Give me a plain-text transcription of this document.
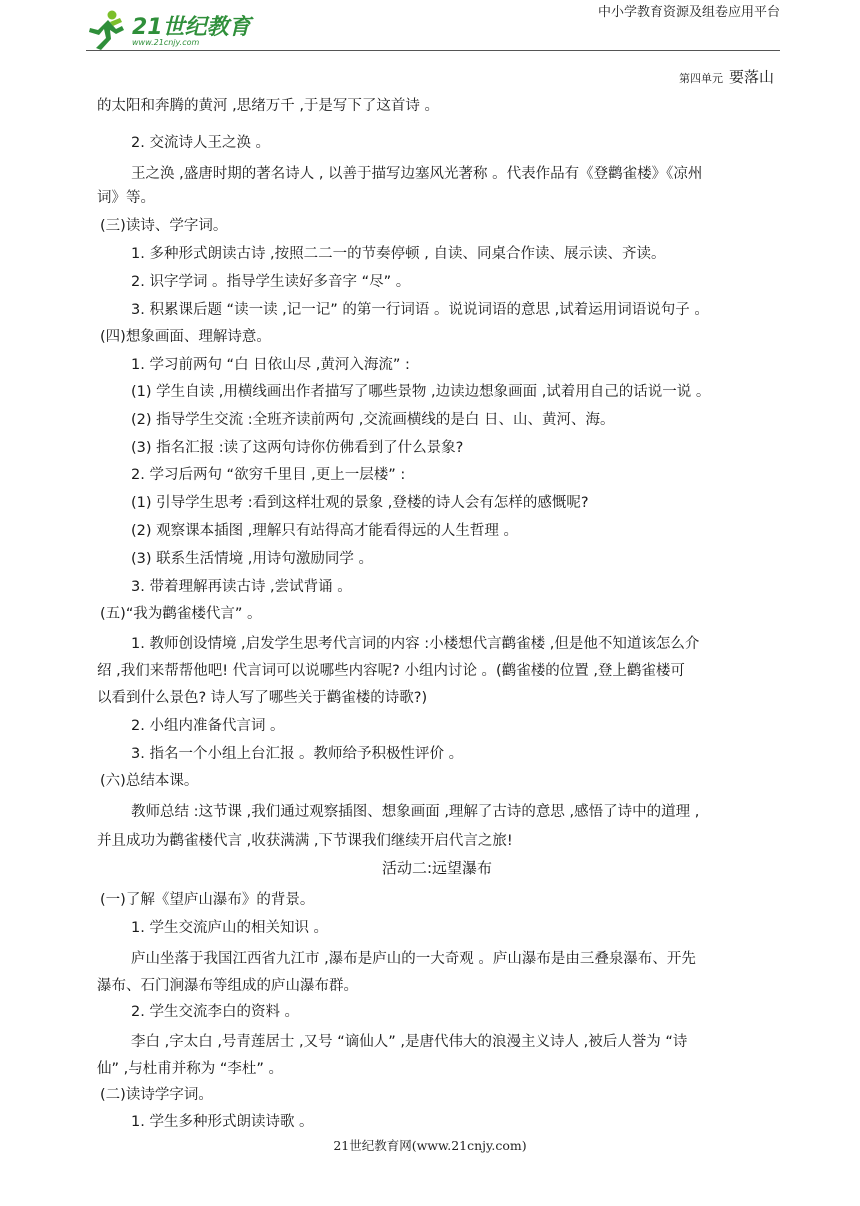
21世纪教育
www.21cnjy.com
中小学教育资源及组卷应用平台
第四单元 要落山
的太阳和奔腾的黄河 ,思绪万千 ,于是写下了这首诗 。
2. 交流诗人王之涣 。
王之涣 ,盛唐时期的著名诗人 , 以善于描写边塞风光著称 。代表作品有《登鹳雀楼》《凉州
词》等。
(三)读诗、学字词。
1. 多种形式朗读古诗 ,按照二二一的节奏停顿 , 自读、同桌合作读、展示读、齐读。
2. 识字学词 。指导学生读好多音字 “尽” 。
3. 积累课后题 “读一读 ,记一记” 的第一行词语 。说说词语的意思 ,试着运用词语说句子 。
(四)想象画面、理解诗意。
1. 学习前两句 “白 日依山尽 ,黄河入海流” :
(1) 学生自读 ,用横线画出作者描写了哪些景物 ,边读边想象画面 ,试着用自己的话说一说 。
(2) 指导学生交流 :全班齐读前两句 ,交流画横线的是白 日、山、黄河、海。
(3) 指名汇报 :读了这两句诗你仿佛看到了什么景象?
2. 学习后两句 “欲穷千里目 ,更上一层楼” :
(1) 引导学生思考 :看到这样壮观的景象 ,登楼的诗人会有怎样的感慨呢?
(2) 观察课本插图 ,理解只有站得高才能看得远的人生哲理 。
(3) 联系生活情境 ,用诗句激励同学 。
3. 带着理解再读古诗 ,尝试背诵 。
(五)“我为鹳雀楼代言” 。
1. 教师创设情境 ,启发学生思考代言词的内容 :小楼想代言鹳雀楼 ,但是他不知道该怎么介
绍 ,我们来帮帮他吧! 代言词可以说哪些内容呢? 小组内讨论 。(鹳雀楼的位置 ,登上鹳雀楼可
以看到什么景色? 诗人写了哪些关于鹳雀楼的诗歌?)
2. 小组内准备代言词 。
3. 指名一个小组上台汇报 。教师给予积极性评价 。
(六)总结本课。
教师总结 :这节课 ,我们通过观察插图、想象画面 ,理解了古诗的意思 ,感悟了诗中的道理 ,
并且成功为鹳雀楼代言 ,收获满满 ,下节课我们继续开启代言之旅!
活动二:远望瀑布
(一)了解《望庐山瀑布》的背景。
1. 学生交流庐山的相关知识 。
庐山坐落于我国江西省九江市 ,瀑布是庐山的一大奇观 。庐山瀑布是由三叠泉瀑布、开先
瀑布、石门涧瀑布等组成的庐山瀑布群。
2. 学生交流李白的资料 。
李白 ,字太白 ,号青莲居士 ,又号 “谪仙人” ,是唐代伟大的浪漫主义诗人 ,被后人誉为 “诗
仙” ,与杜甫并称为 “李杜” 。
(二)读诗学字词。
1. 学生多种形式朗读诗歌 。
21世纪教育网(www.21cnjy.com)
